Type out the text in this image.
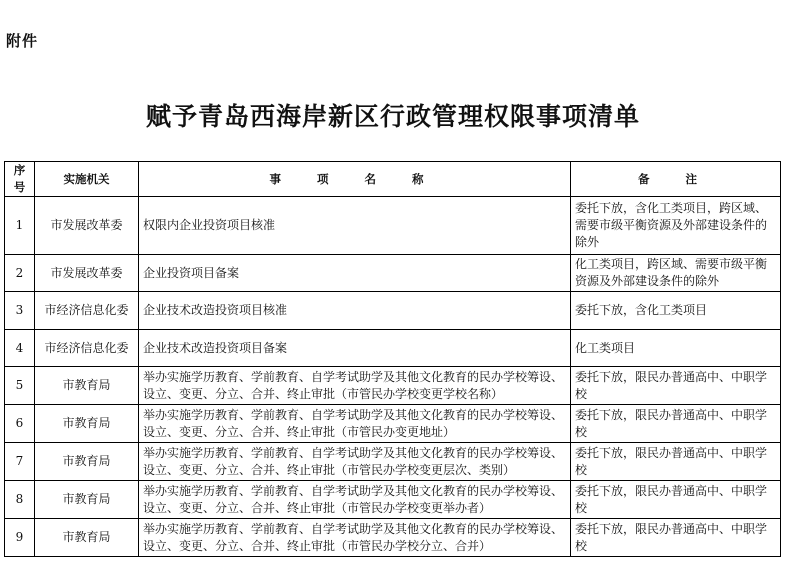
附件
赋予青岛西海岸新区行政管理权限事项清单
序号	实施机关	事 项 名 称	备 注
1	市发展改革委	权限内企业投资项目核准	委托下放，含化工类项目，跨区域、需要市级平衡资源及外部建设条件的除外
2	市发展改革委	企业投资项目备案	化工类项目，跨区域、需要市级平衡资源及外部建设条件的除外
3	市经济信息化委	企业技术改造投资项目核准	委托下放，含化工类项目
4	市经济信息化委	企业技术改造投资项目备案	化工类项目
5	市教育局	举办实施学历教育、学前教育、自学考试助学及其他文化教育的民办学校筹设、设立、变更、分立、合并、终止审批（市管民办学校变更学校名称）	委托下放，限民办普通高中、中职学校
6	市教育局	举办实施学历教育、学前教育、自学考试助学及其他文化教育的民办学校筹设、设立、变更、分立、合并、终止审批（市管民办变更地址）	委托下放，限民办普通高中、中职学校
7	市教育局	举办实施学历教育、学前教育、自学考试助学及其他文化教育的民办学校筹设、设立、变更、分立、合并、终止审批（市管民办学校变更层次、类别）	委托下放，限民办普通高中、中职学校
8	市教育局	举办实施学历教育、学前教育、自学考试助学及其他文化教育的民办学校筹设、设立、变更、分立、合并、终止审批（市管民办学校变更举办者）	委托下放，限民办普通高中、中职学校
9	市教育局	举办实施学历教育、学前教育、自学考试助学及其他文化教育的民办学校筹设、设立、变更、分立、合并、终止审批（市管民办学校分立、合并）	委托下放，限民办普通高中、中职学校
